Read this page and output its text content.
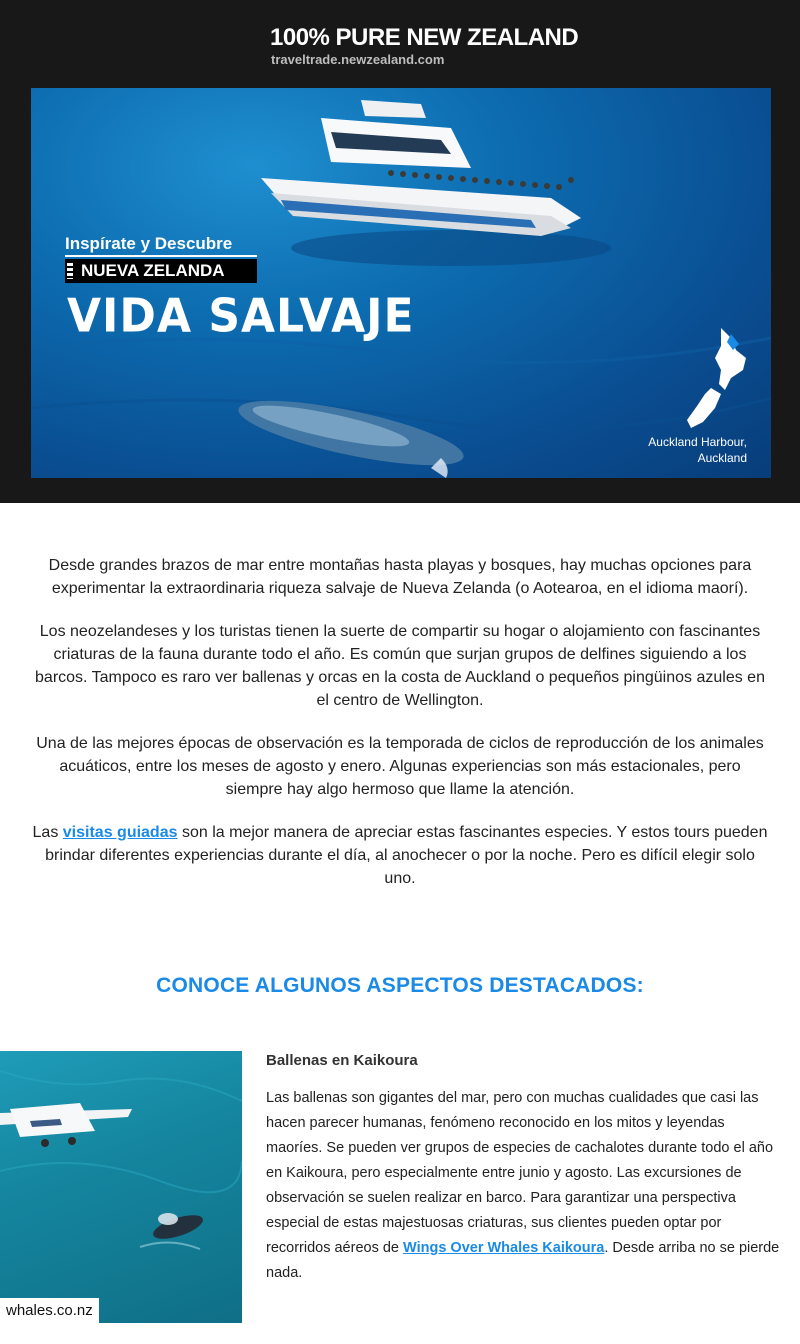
100% PURE NEW ZEALAND
traveltrade.newzealand.com
Inspírate y Descubre
NUEVA ZELANDA
VIDA SALVAJE
Auckland Harbour,
Auckland

Desde grandes brazos de mar entre montañas hasta playas y bosques, hay muchas opciones para experimentar la extraordinaria riqueza salvaje de Nueva Zelanda (o Aotearoa, en el idioma maorí).

Los neozelandeses y los turistas tienen la suerte de compartir su hogar o alojamiento con fascinantes criaturas de la fauna durante todo el año. Es común que surjan grupos de delfines siguiendo a los barcos. Tampoco es raro ver ballenas y orcas en la costa de Auckland o pequeños pingüinos azules en el centro de Wellington.

Una de las mejores épocas de observación es la temporada de ciclos de reproducción de los animales acuáticos, entre los meses de agosto y enero. Algunas experiencias son más estacionales, pero siempre hay algo hermoso que llame la atención.

Las visitas guiadas son la mejor manera de apreciar estas fascinantes especies. Y estos tours pueden brindar diferentes experiencias durante el día, al anochecer o por la noche. Pero es difícil elegir solo uno.

CONOCE ALGUNOS ASPECTOS DESTACADOS:
whales.co.nz
Ballenas en Kaikoura
Las ballenas son gigantes del mar, pero con muchas cualidades que casi las hacen parecer humanas, fenómeno reconocido en los mitos y leyendas maoríes. Se pueden ver grupos de especies de cachalotes durante todo el año en Kaikoura, pero especialmente entre junio y agosto. Las excursiones de observación se suelen realizar en barco. Para garantizar una perspectiva especial de estas majestuosas criaturas, sus clientes pueden optar por recorridos aéreos de Wings Over Whales Kaikoura. Desde arriba no se pierde nada.
